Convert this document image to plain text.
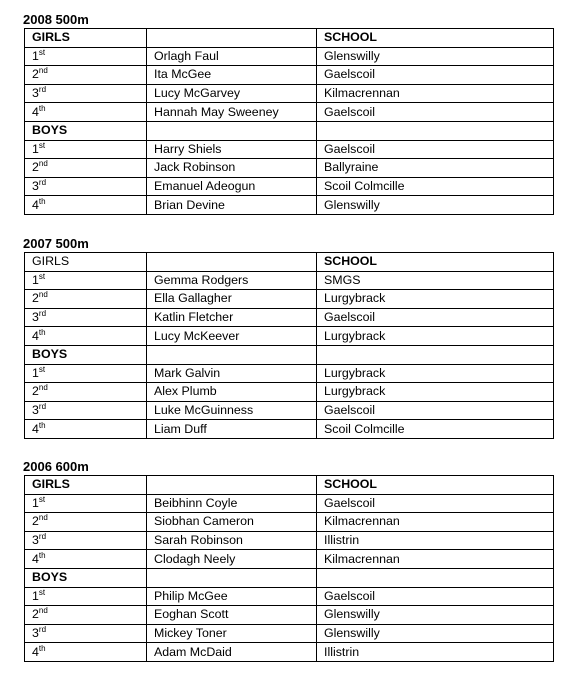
2008 500m
GIRLS		SCHOOL
1st	Orlagh Faul	Glenswilly
2nd	Ita McGee	Gaelscoil
3rd	Lucy McGarvey	Kilmacrennan
4th	Hannah May Sweeney	Gaelscoil
BOYS		
1st	Harry Shiels	Gaelscoil
2nd	Jack Robinson	Ballyraine
3rd	Emanuel Adeogun	Scoil Colmcille
4th	Brian Devine	Glenswilly
2007 500m
GIRLS		SCHOOL
1st	Gemma Rodgers	SMGS
2nd	Ella Gallagher	Lurgybrack
3rd	Katlin Fletcher	Gaelscoil
4th	Lucy McKeever	Lurgybrack
BOYS		
1st	Mark Galvin	Lurgybrack
2nd	Alex Plumb	Lurgybrack
3rd	Luke McGuinness	Gaelscoil
4th	Liam Duff	Scoil Colmcille
2006 600m
GIRLS		SCHOOL
1st	Beibhinn Coyle	Gaelscoil
2nd	Siobhan Cameron	Kilmacrennan
3rd	Sarah Robinson	Illistrin
4th	Clodagh Neely	Kilmacrennan
BOYS		
1st	Philip McGee	Gaelscoil
2nd	Eoghan Scott	Glenswilly
3rd	Mickey Toner	Glenswilly
4th	Adam McDaid	Illistrin
